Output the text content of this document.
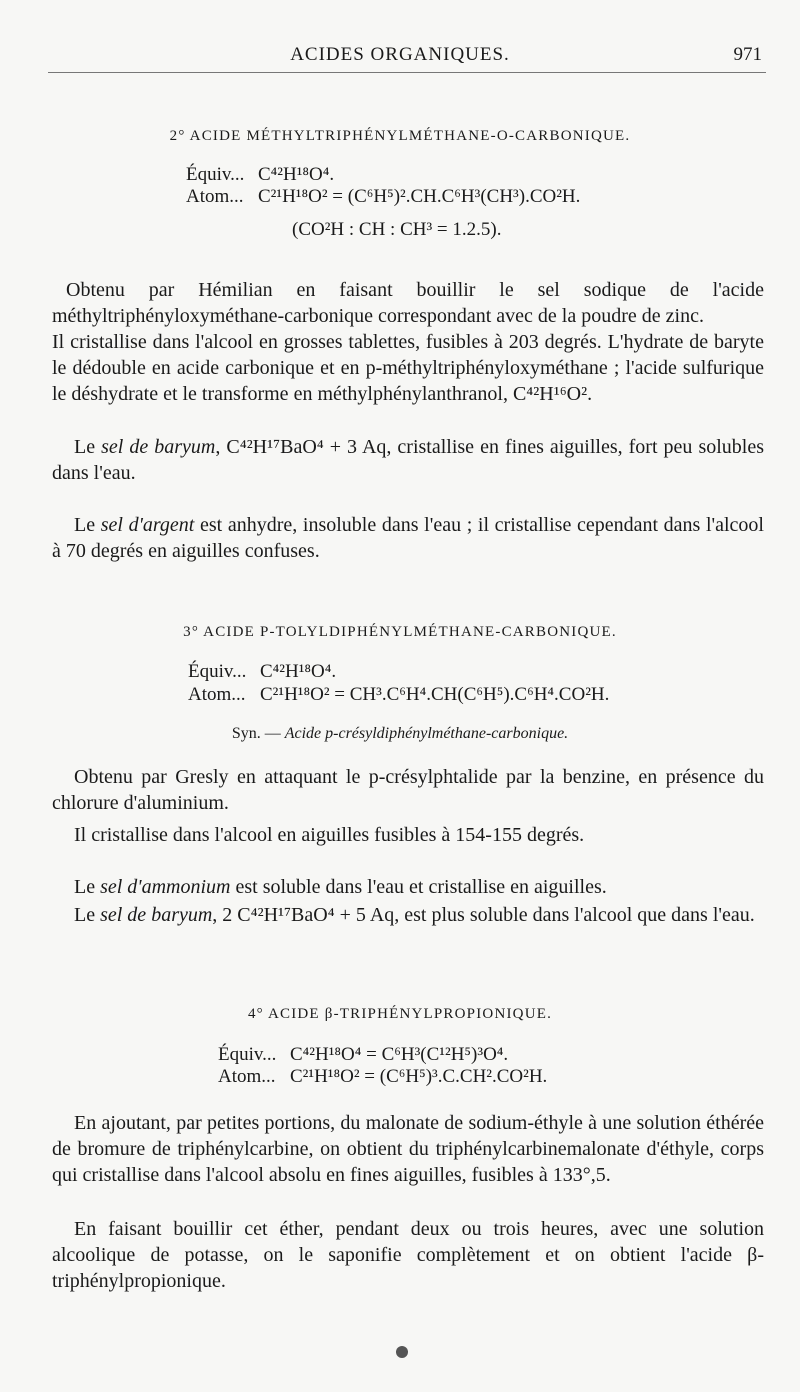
ACIDES ORGANIQUES.	971
2° ACIDE MÉTHYLTRIPHÉNYLMÉTHANE-O-CARBONIQUE.
Équiv... C⁴²H¹⁸O⁴.
Atom... C²¹H¹⁸O² = (C⁶H⁵)².CH.C⁶H³(CH³).CO²H.
(CO²H : CH : CH³ = 1.2.5).
Obtenu par Hémilian en faisant bouillir le sel sodique de l'acide méthyltriphényloxyméthane-carbonique correspondant avec de la poudre de zinc.
Il cristallise dans l'alcool en grosses tablettes, fusibles à 203 degrés. L'hydrate de baryte le dédouble en acide carbonique et en p-méthyltriphényloxyméthane ; l'acide sulfurique le déshydrate et le transforme en méthylphénylanthranol, C⁴²H¹⁶O².
Le sel de baryum, C⁴²H¹⁷BaO⁴ + 3 Aq, cristallise en fines aiguilles, fort peu solubles dans l'eau.
Le sel d'argent est anhydre, insoluble dans l'eau ; il cristallise cependant dans l'alcool à 70 degrés en aiguilles confuses.
3° ACIDE P-TOLYLDIPHÉNYLMÉTHANE-CARBONIQUE.
Équiv... C⁴²H¹⁸O⁴.
Atom... C²¹H¹⁸O² = CH³.C⁶H⁴.CH(C⁶H⁵).C⁶H⁴.CO²H.
Syn. — Acide p-crésyldiphénylméthane-carbonique.
Obtenu par Gresly en attaquant le p-crésylphtalide par la benzine, en présence du chlorure d'aluminium.
Il cristallise dans l'alcool en aiguilles fusibles à 154-155 degrés.
Le sel d'ammonium est soluble dans l'eau et cristallise en aiguilles.
Le sel de baryum, 2 C⁴²H¹⁷BaO⁴ + 5 Aq, est plus soluble dans l'alcool que dans l'eau.
4° ACIDE β-TRIPHÉNYLPROPIONIQUE.
Équiv... C⁴²H¹⁸O⁴ = C⁶H³(C¹²H⁵)³O⁴.
Atom... C²¹H¹⁸O² = (C⁶H⁵)³.C.CH².CO²H.
En ajoutant, par petites portions, du malonate de sodium-éthyle à une solution éthérée de bromure de triphénylcarbine, on obtient du triphénylcarbinemalonate d'éthyle, corps qui cristallise dans l'alcool absolu en fines aiguilles, fusibles à 133°,5.
En faisant bouillir cet éther, pendant deux ou trois heures, avec une solution alcoolique de potasse, on le saponifie complètement et on obtient l'acide β-triphénylpropionique.
